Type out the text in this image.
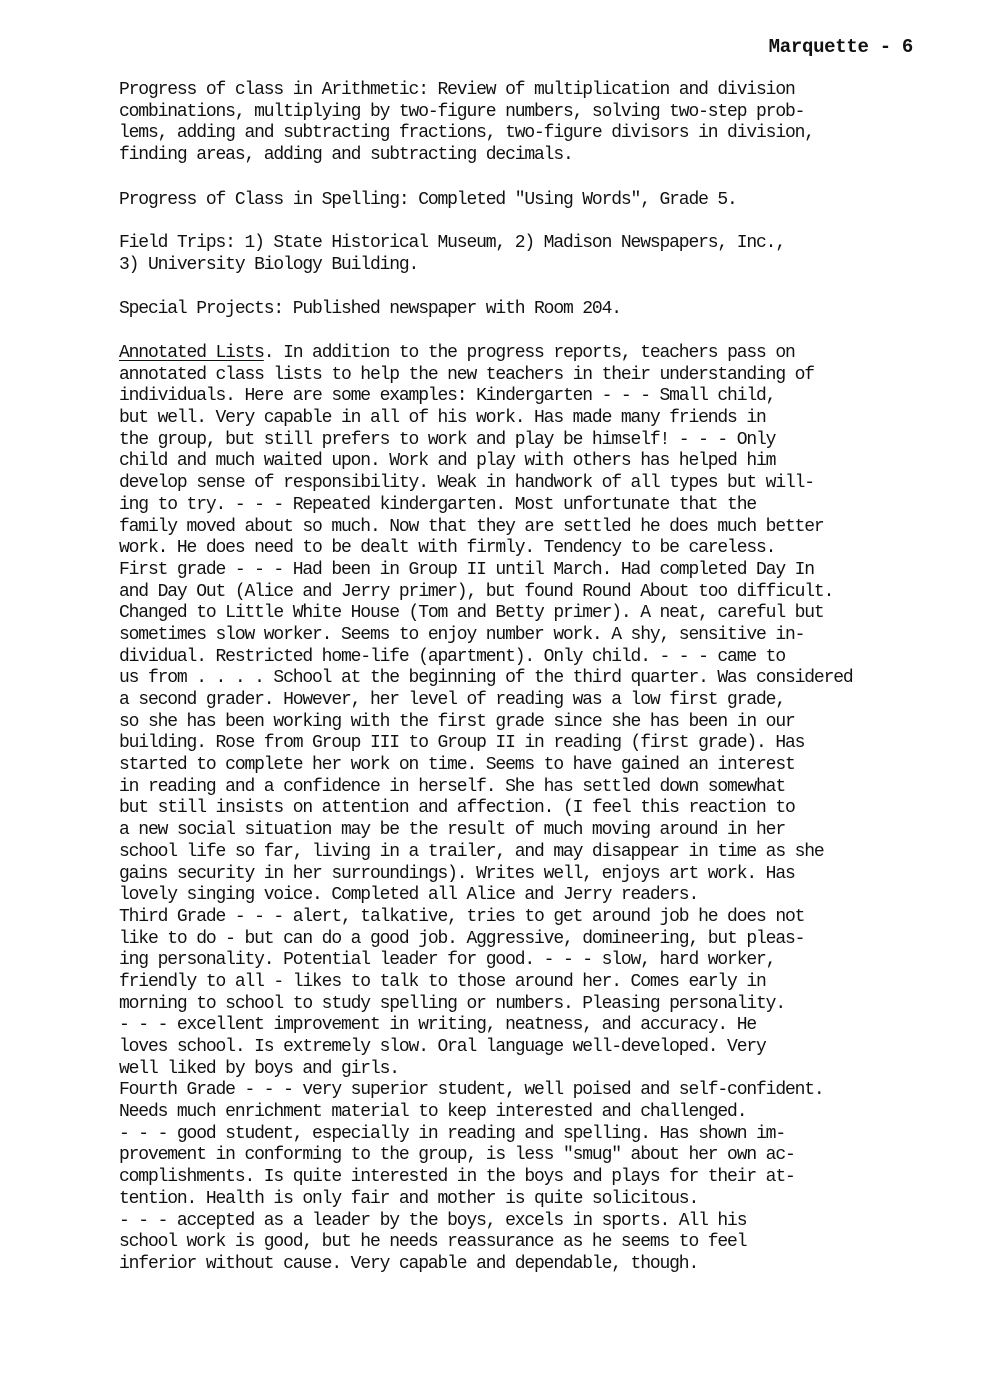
Marquette - 6
Progress of class in Arithmetic: Review of multiplication and division
combinations, multiplying by two-figure numbers, solving two-step prob-
lems, adding and subtracting fractions, two-figure divisors in division,
finding areas, adding and subtracting decimals.
Progress of Class in Spelling: Completed "Using Words", Grade 5.
Field Trips: 1) State Historical Museum, 2) Madison Newspapers, Inc.,
3) University Biology Building.
Special Projects: Published newspaper with Room 204.
Annotated Lists. In addition to the progress reports, teachers pass on
annotated class lists to help the new teachers in their understanding of
individuals. Here are some examples: Kindergarten - - - Small child,
but well. Very capable in all of his work. Has made many friends in
the group, but still prefers to work and play be himself! - - - Only
child and much waited upon. Work and play with others has helped him
develop sense of responsibility. Weak in handwork of all types but will-
ing to try. - - - Repeated kindergarten. Most unfortunate that the
family moved about so much. Now that they are settled he does much better
work. He does need to be dealt with firmly. Tendency to be careless.
First grade - - - Had been in Group II until March. Had completed Day In
and Day Out (Alice and Jerry primer), but found Round About too difficult.
Changed to Little White House (Tom and Betty primer). A neat, careful but
sometimes slow worker. Seems to enjoy number work. A shy, sensitive in-
dividual. Restricted home-life (apartment). Only child. - - - came to
us from . . . . School at the beginning of the third quarter. Was considered
a second grader. However, her level of reading was a low first grade,
so she has been working with the first grade since she has been in our
building. Rose from Group III to Group II in reading (first grade). Has
started to complete her work on time. Seems to have gained an interest
in reading and a confidence in herself. She has settled down somewhat
but still insists on attention and affection. (I feel this reaction to
a new social situation may be the result of much moving around in her
school life so far, living in a trailer, and may disappear in time as she
gains security in her surroundings). Writes well, enjoys art work. Has
lovely singing voice. Completed all Alice and Jerry readers.
Third Grade - - - alert, talkative, tries to get around job he does not
like to do - but can do a good job. Aggressive, domineering, but pleas-
ing personality. Potential leader for good. - - - slow, hard worker,
friendly to all - likes to talk to those around her. Comes early in
morning to school to study spelling or numbers. Pleasing personality.
- - - excellent improvement in writing, neatness, and accuracy. He
loves school. Is extremely slow. Oral language well-developed. Very
well liked by boys and girls.
Fourth Grade - - - very superior student, well poised and self-confident.
Needs much enrichment material to keep interested and challenged.
- - - good student, especially in reading and spelling. Has shown im-
provement in conforming to the group, is less "smug" about her own ac-
complishments. Is quite interested in the boys and plays for their at-
tention. Health is only fair and mother is quite solicitous.
- - - accepted as a leader by the boys, excels in sports. All his
school work is good, but he needs reassurance as he seems to feel
inferior without cause. Very capable and dependable, though.
